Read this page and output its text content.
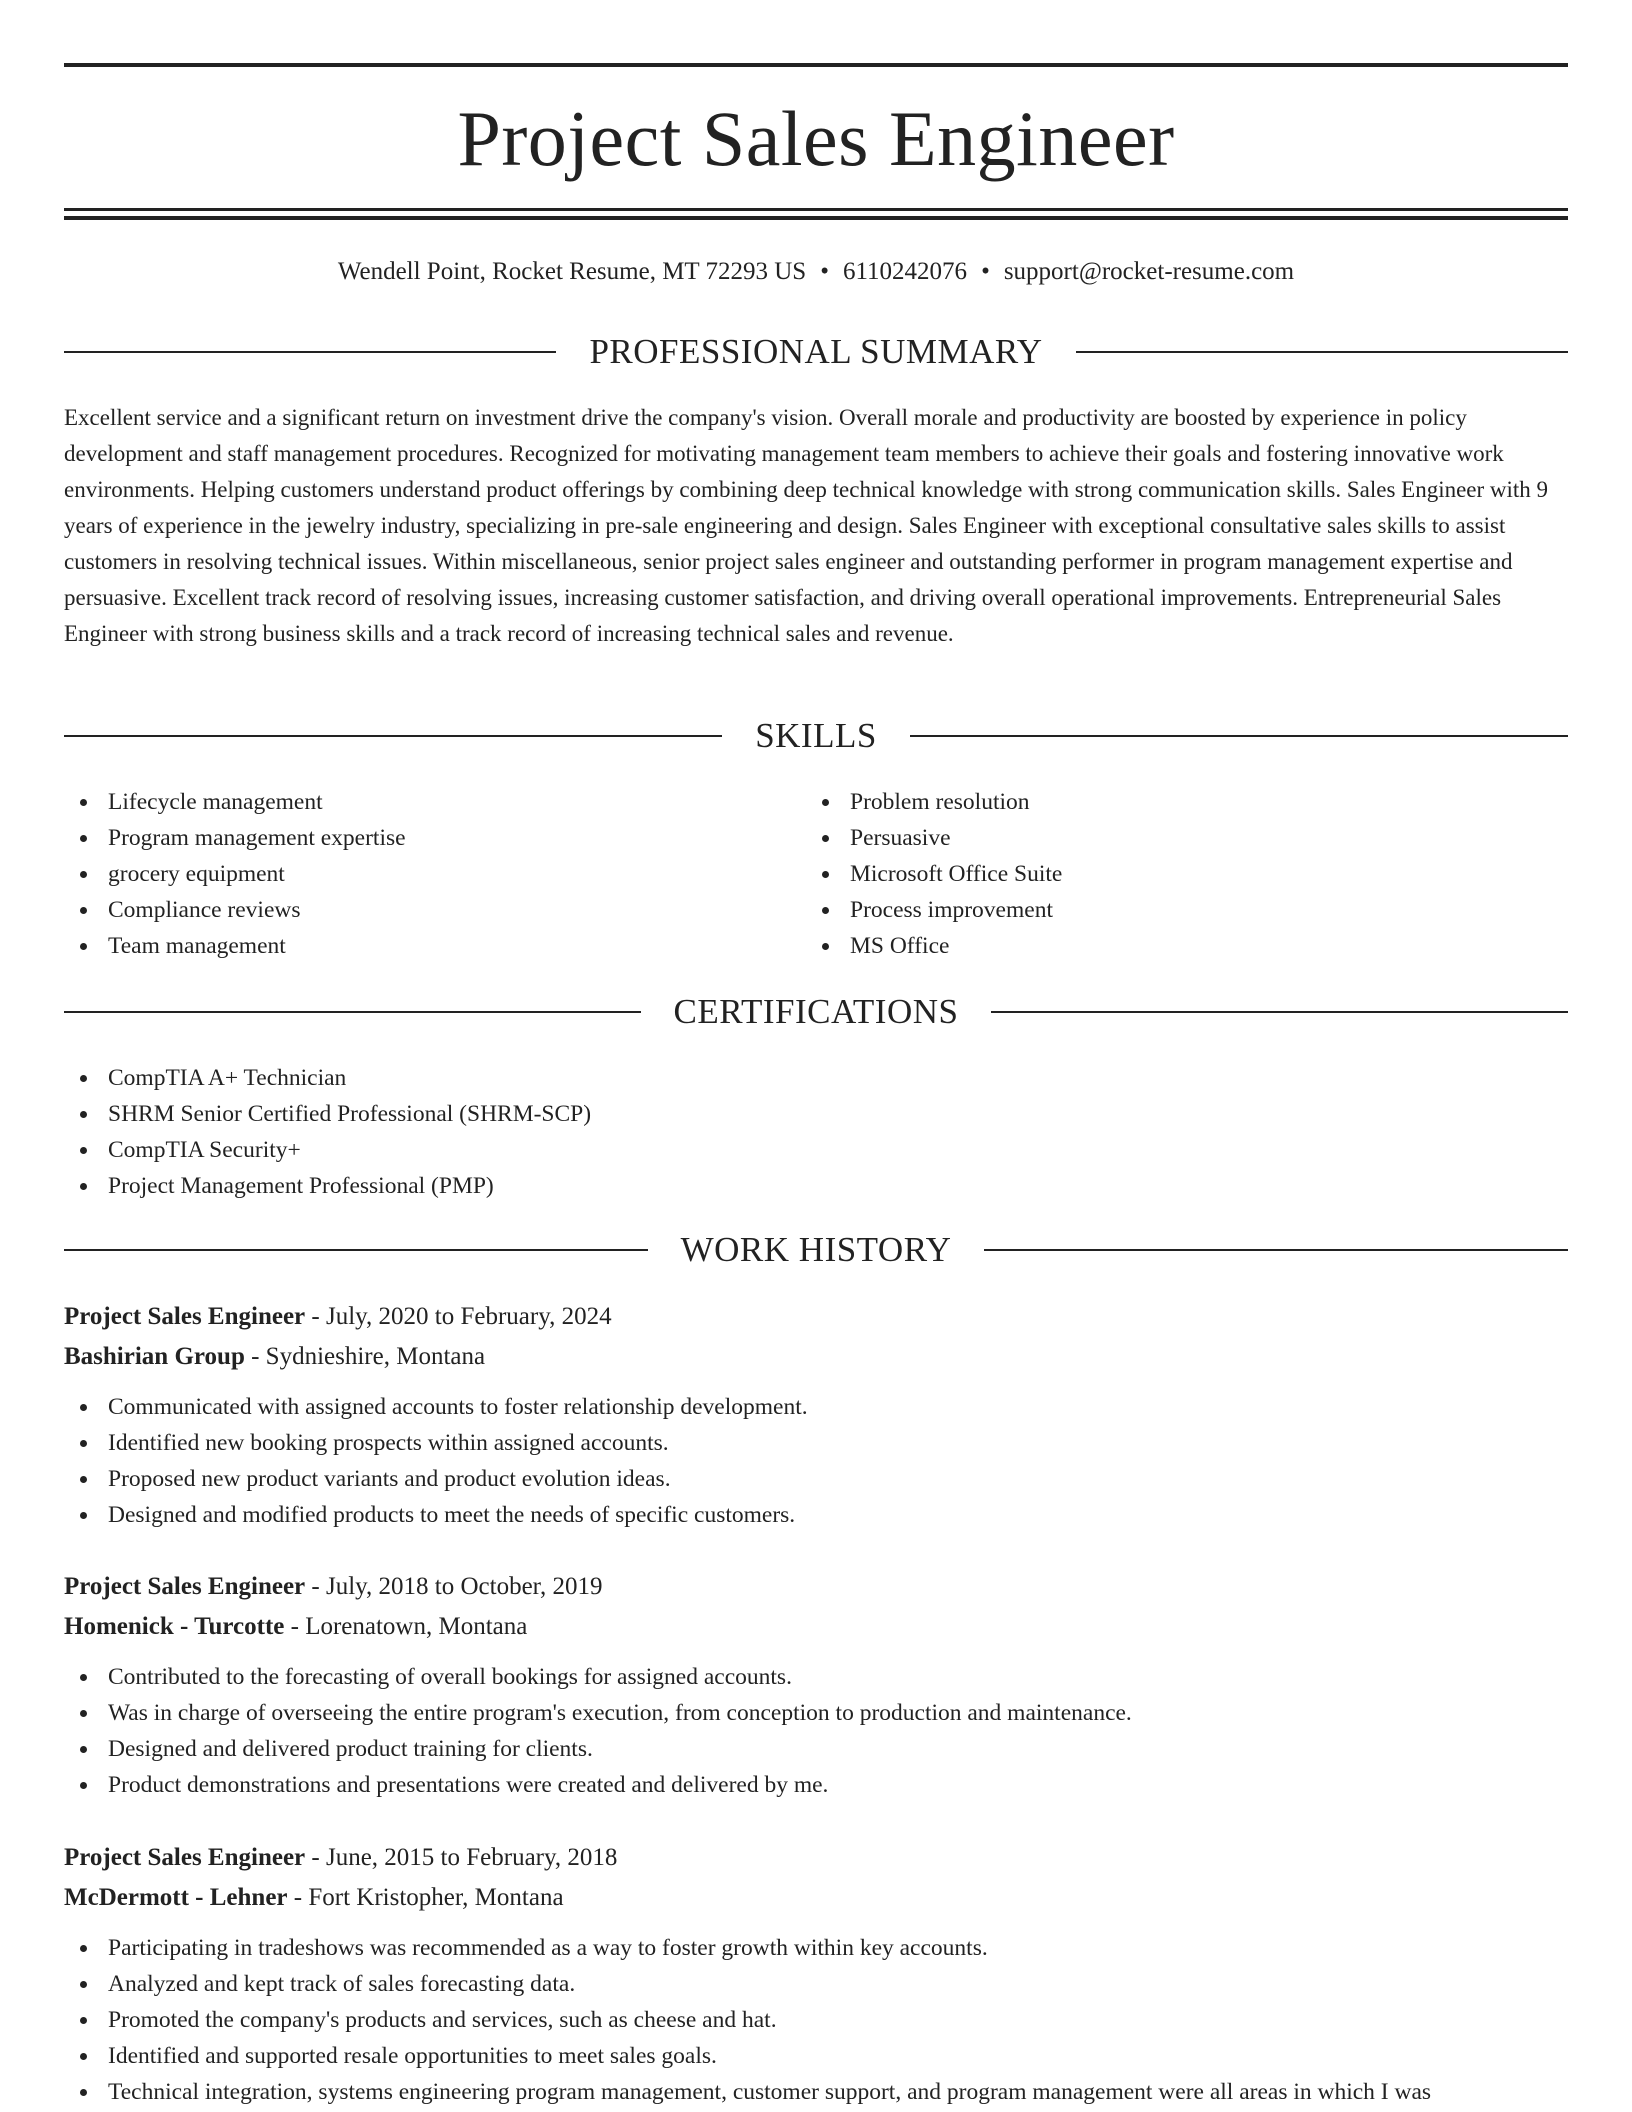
Project Sales Engineer
Wendell Point, Rocket Resume, MT 72293 US • 6110242076 • support@rocket-resume.com
PROFESSIONAL SUMMARY

Excellent service and a significant return on investment drive the company's vision. Overall morale and productivity are boosted by experience in policy development and staff management procedures. Recognized for motivating management team members to achieve their goals and fostering innovative work environments. Helping customers understand product offerings by combining deep technical knowledge with strong communication skills. Sales Engineer with 9 years of experience in the jewelry industry, specializing in pre-sale engineering and design. Sales Engineer with exceptional consultative sales skills to assist customers in resolving technical issues. Within miscellaneous, senior project sales engineer and outstanding performer in program management expertise and persuasive. Excellent track record of resolving issues, increasing customer satisfaction, and driving overall operational improvements. Entrepreneurial Sales Engineer with strong business skills and a track record of increasing technical sales and revenue.

SKILLS
Lifecycle management
Program management expertise
grocery equipment
Compliance reviews
Team management
Problem resolution
Persuasive
Microsoft Office Suite
Process improvement
MS Office
CERTIFICATIONS
CompTIA A+ Technician
SHRM Senior Certified Professional (SHRM-SCP)
CompTIA Security+
Project Management Professional (PMP)
WORK HISTORY
Project Sales Engineer - July, 2020 to February, 2024
Bashirian Group - Sydnieshire, Montana
Communicated with assigned accounts to foster relationship development.
Identified new booking prospects within assigned accounts.
Proposed new product variants and product evolution ideas.
Designed and modified products to meet the needs of specific customers.
Project Sales Engineer - July, 2018 to October, 2019
Homenick - Turcotte - Lorenatown, Montana
Contributed to the forecasting of overall bookings for assigned accounts.
Was in charge of overseeing the entire program's execution, from conception to production and maintenance.
Designed and delivered product training for clients.
Product demonstrations and presentations were created and delivered by me.
Project Sales Engineer - June, 2015 to February, 2018
McDermott - Lehner - Fort Kristopher, Montana
Participating in tradeshows was recommended as a way to foster growth within key accounts.
Analyzed and kept track of sales forecasting data.
Promoted the company's products and services, such as cheese and hat.
Identified and supported resale opportunities to meet sales goals.
Technical integration, systems engineering program management, customer support, and program management were all areas in which I was
